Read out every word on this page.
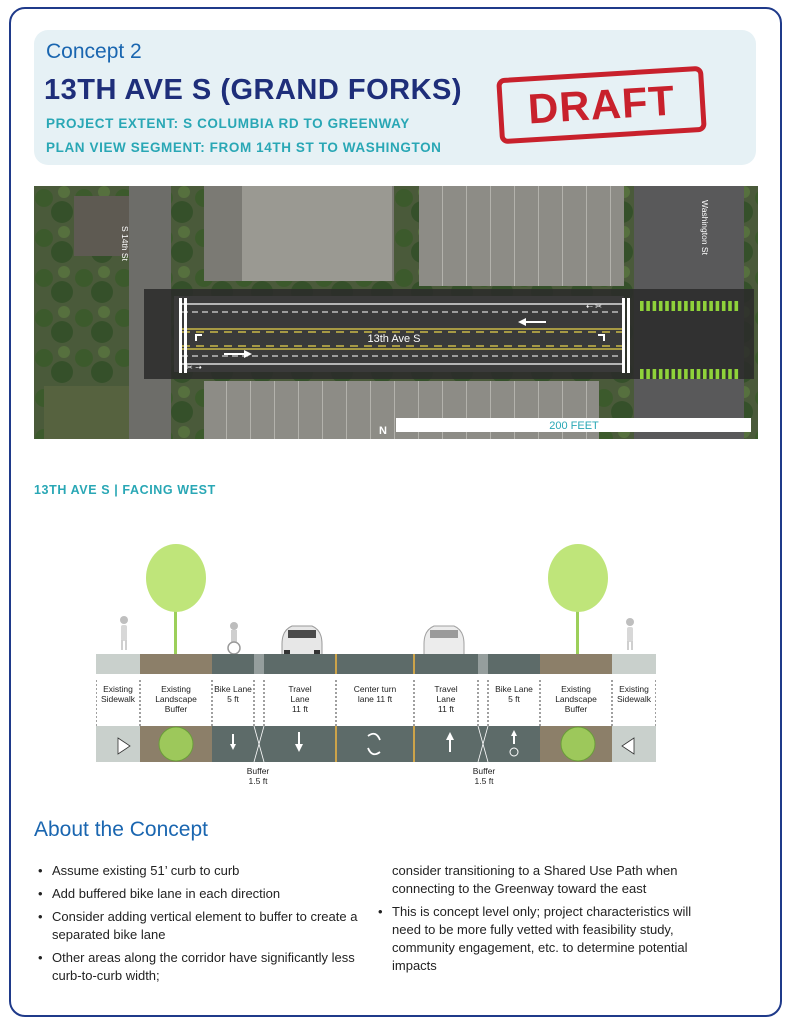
Concept 2
13TH AVE S (GRAND FORKS)
PROJECT EXTENT: S COLUMBIA RD TO GREENWAY
PLAN VIEW SEGMENT: FROM 14TH ST TO WASHINGTON
DRAFT
⇠ ✂
✂ ⇢
13th Ave S
S 14th St	Washington St
N	200 FEET
13TH AVE S | FACING WEST
Existing
Sidewalk
Existing
Landscape
Buffer
Bike Lane
5 ft
Travel
Lane
11 ft
Center turn
lane 11 ft
Travel
Lane
11 ft
Bike Lane
5 ft
Existing
Landscape
Buffer
Existing
Sidewalk
Buffer
1.5 ft
Buffer
1.5 ft
About the Concept
• Assume existing 51’ curb to curb
• Add buffered bike lane in each direction
• Consider adding vertical element to buffer to create a separated bike lane
• Other areas along the corridor have significantly less curb-to-curb width;
consider transitioning to a Shared Use Path when connecting to the Greenway toward the east
• This is concept level only; project characteristics will need to be more fully vetted with feasibility study, community engagement, etc. to determine potential impacts
